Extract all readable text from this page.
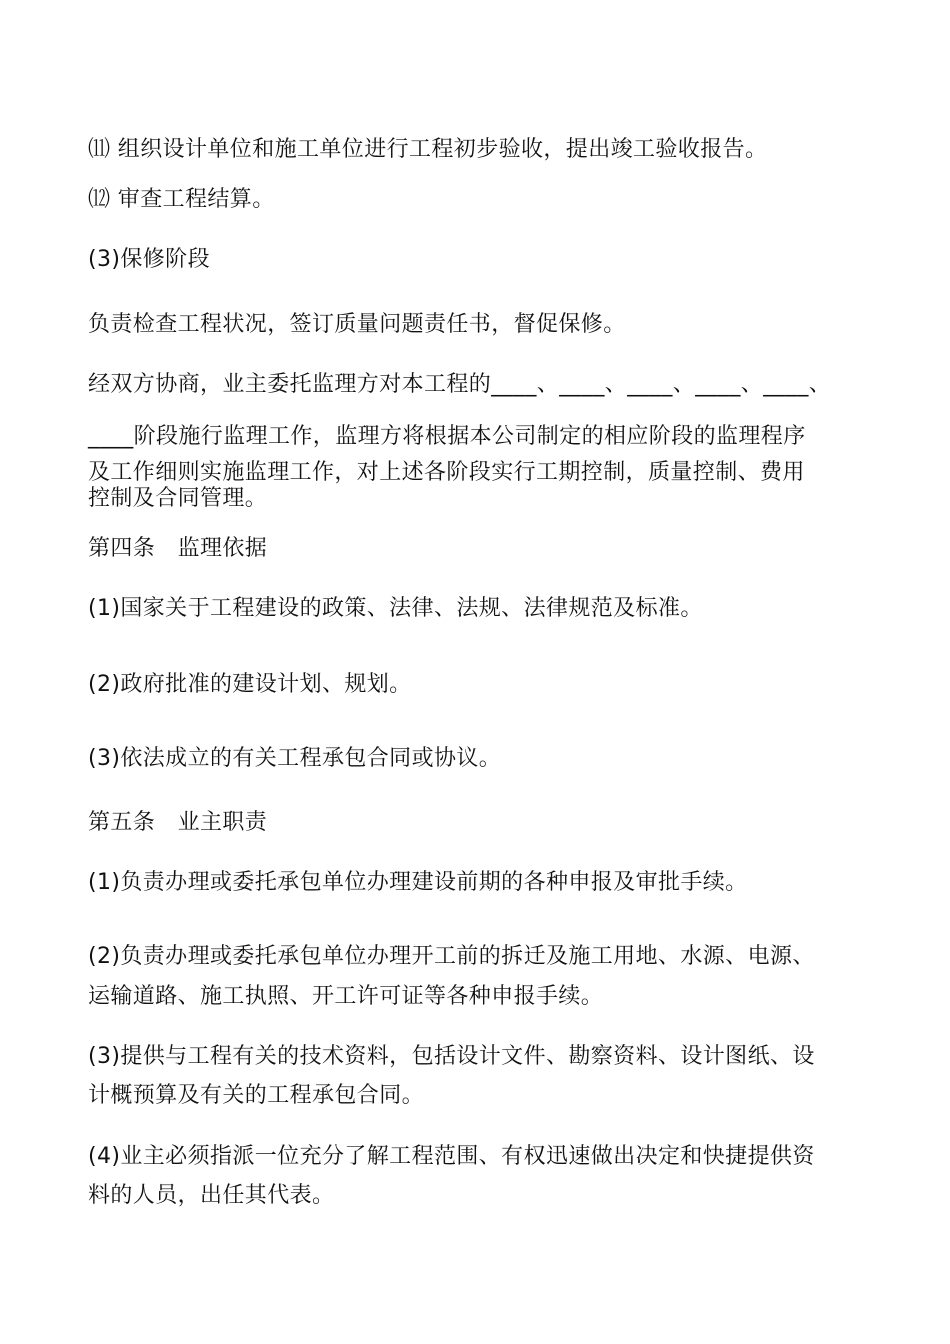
⑾ 组织设计单位和施工单位进行工程初步验收，提出竣工验收报告。
⑿ 审查工程结算。
(3)保修阶段
负责检查工程状况，签订质量问题责任书，督促保修。
经双方协商，业主委托监理方对本工程的____、____、____、____、____、
____阶段施行监理工作，监理方将根据本公司制定的相应阶段的监理程序
及工作细则实施监理工作，对上述各阶段实行工期控制，质量控制、费用
控制及合同管理。
第四条　监理依据
(1)国家关于工程建设的政策、法律、法规、法律规范及标准。
(2)政府批准的建设计划、规划。
(3)依法成立的有关工程承包合同或协议。
第五条　业主职责
(1)负责办理或委托承包单位办理建设前期的各种申报及审批手续。
(2)负责办理或委托承包单位办理开工前的拆迁及施工用地、水源、电源、
运输道路、施工执照、开工许可证等各种申报手续。
(3)提供与工程有关的技术资料，包括设计文件、勘察资料、设计图纸、设
计概预算及有关的工程承包合同。
(4)业主必须指派一位充分了解工程范围、有权迅速做出决定和快捷提供资
料的人员，出任其代表。
